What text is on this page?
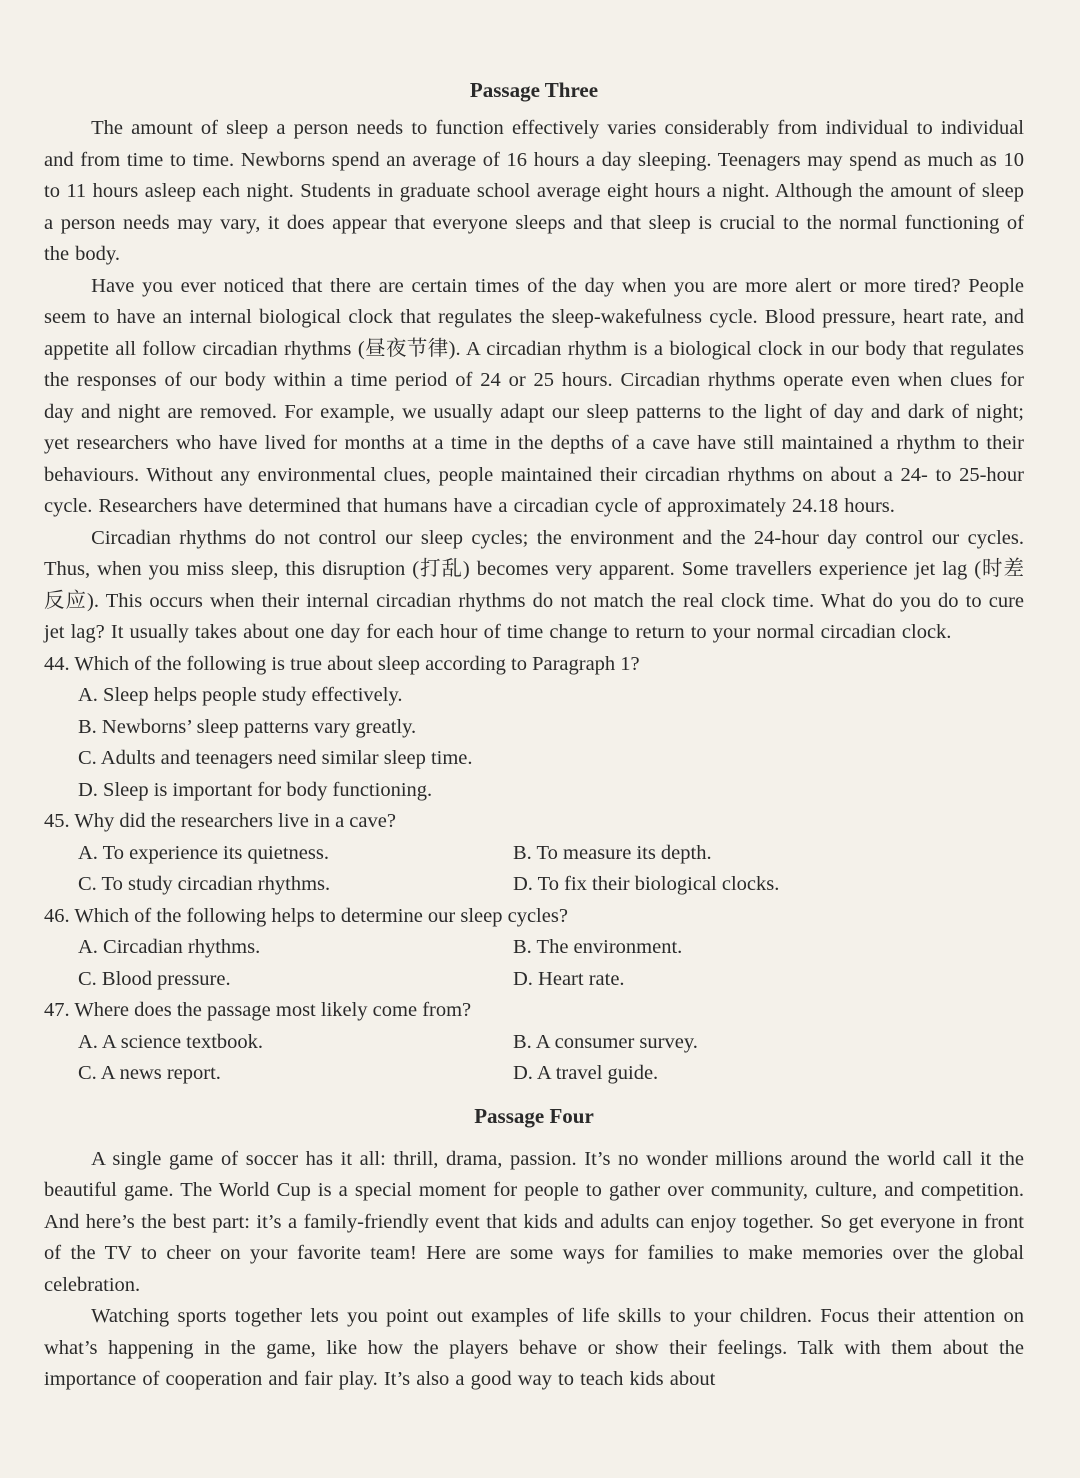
Passage Three

The amount of sleep a person needs to function effectively varies considerably from individual to individual and from time to time. Newborns spend an average of 16 hours a day sleeping. Teenagers may spend as much as 10 to 11 hours asleep each night. Students in graduate school average eight hours a night. Although the amount of sleep a person needs may vary, it does appear that everyone sleeps and that sleep is crucial to the normal functioning of the body.

Have you ever noticed that there are certain times of the day when you are more alert or more tired? People seem to have an internal biological clock that regulates the sleep-wakefulness cycle. Blood pressure, heart rate, and appetite all follow circadian rhythms (昼夜节律). A circadian rhythm is a biological clock in our body that regulates the responses of our body within a time period of 24 or 25 hours. Circadian rhythms operate even when clues for day and night are removed. For example, we usually adapt our sleep patterns to the light of day and dark of night; yet researchers who have lived for months at a time in the depths of a cave have still maintained a rhythm to their behaviours. Without any environmental clues, people maintained their circadian rhythms on about a 24- to 25-hour cycle. Researchers have determined that humans have a circadian cycle of approximately 24.18 hours.

Circadian rhythms do not control our sleep cycles; the environment and the 24-hour day control our cycles. Thus, when you miss sleep, this disruption (打乱) becomes very apparent. Some travellers experience jet lag (时差反应). This occurs when their internal circadian rhythms do not match the real clock time. What do you do to cure jet lag? It usually takes about one day for each hour of time change to return to your normal circadian clock.

44. Which of the following is true about sleep according to Paragraph 1?
A. Sleep helps people study effectively.
B. Newborns’ sleep patterns vary greatly.
C. Adults and teenagers need similar sleep time.
D. Sleep is important for body functioning.
45. Why did the researchers live in a cave?
A. To experience its quietness.	B. To measure its depth.
C. To study circadian rhythms.	D. To fix their biological clocks.
46. Which of the following helps to determine our sleep cycles?
A. Circadian rhythms.	B. The environment.
C. Blood pressure.	D. Heart rate.
47. Where does the passage most likely come from?
A. A science textbook.	B. A consumer survey.
C. A news report.	D. A travel guide.
Passage Four

A single game of soccer has it all: thrill, drama, passion. It’s no wonder millions around the world call it the beautiful game. The World Cup is a special moment for people to gather over community, culture, and competition. And here’s the best part: it’s a family-friendly event that kids and adults can enjoy together. So get everyone in front of the TV to cheer on your favorite team! Here are some ways for families to make memories over the global celebration.

Watching sports together lets you point out examples of life skills to your children. Focus their attention on what’s happening in the game, like how the players behave or show their feelings. Talk with them about the importance of cooperation and fair play. It’s also a good way to teach kids about
